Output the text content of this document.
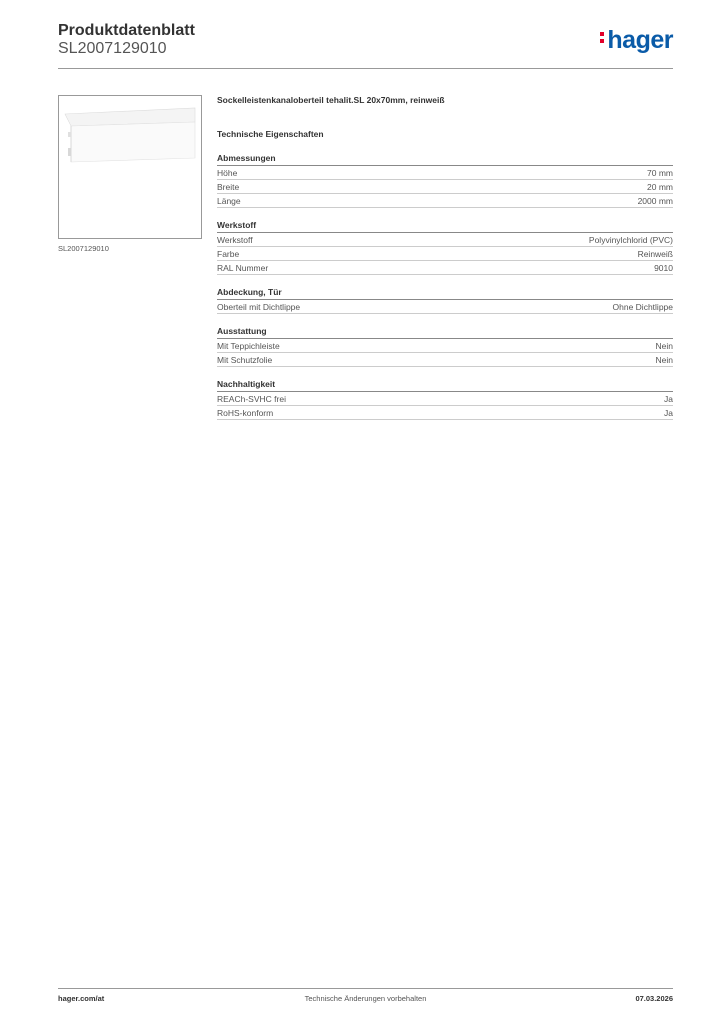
Produktdatenblatt
SL2007129010	hager
SL2007129010
Sockelleistenkanaloberteil tehalit.SL 20x70mm, reinweiß
Technische Eigenschaften
Abmessungen
Höhe	70 mm
Breite	20 mm
Länge	2000 mm
Werkstoff
Werkstoff	Polyvinylchlorid (PVC)
Farbe	Reinweiß
RAL Nummer	9010
Abdeckung, Tür
Oberteil mit Dichtlippe	Ohne Dichtlippe
Ausstattung
Mit Teppichleiste	Nein
Mit Schutzfolie	Nein
Nachhaltigkeit
REACh-SVHC frei	Ja
RoHS-konform	Ja
hager.com/at	Technische Änderungen vorbehalten	07.03.2026
